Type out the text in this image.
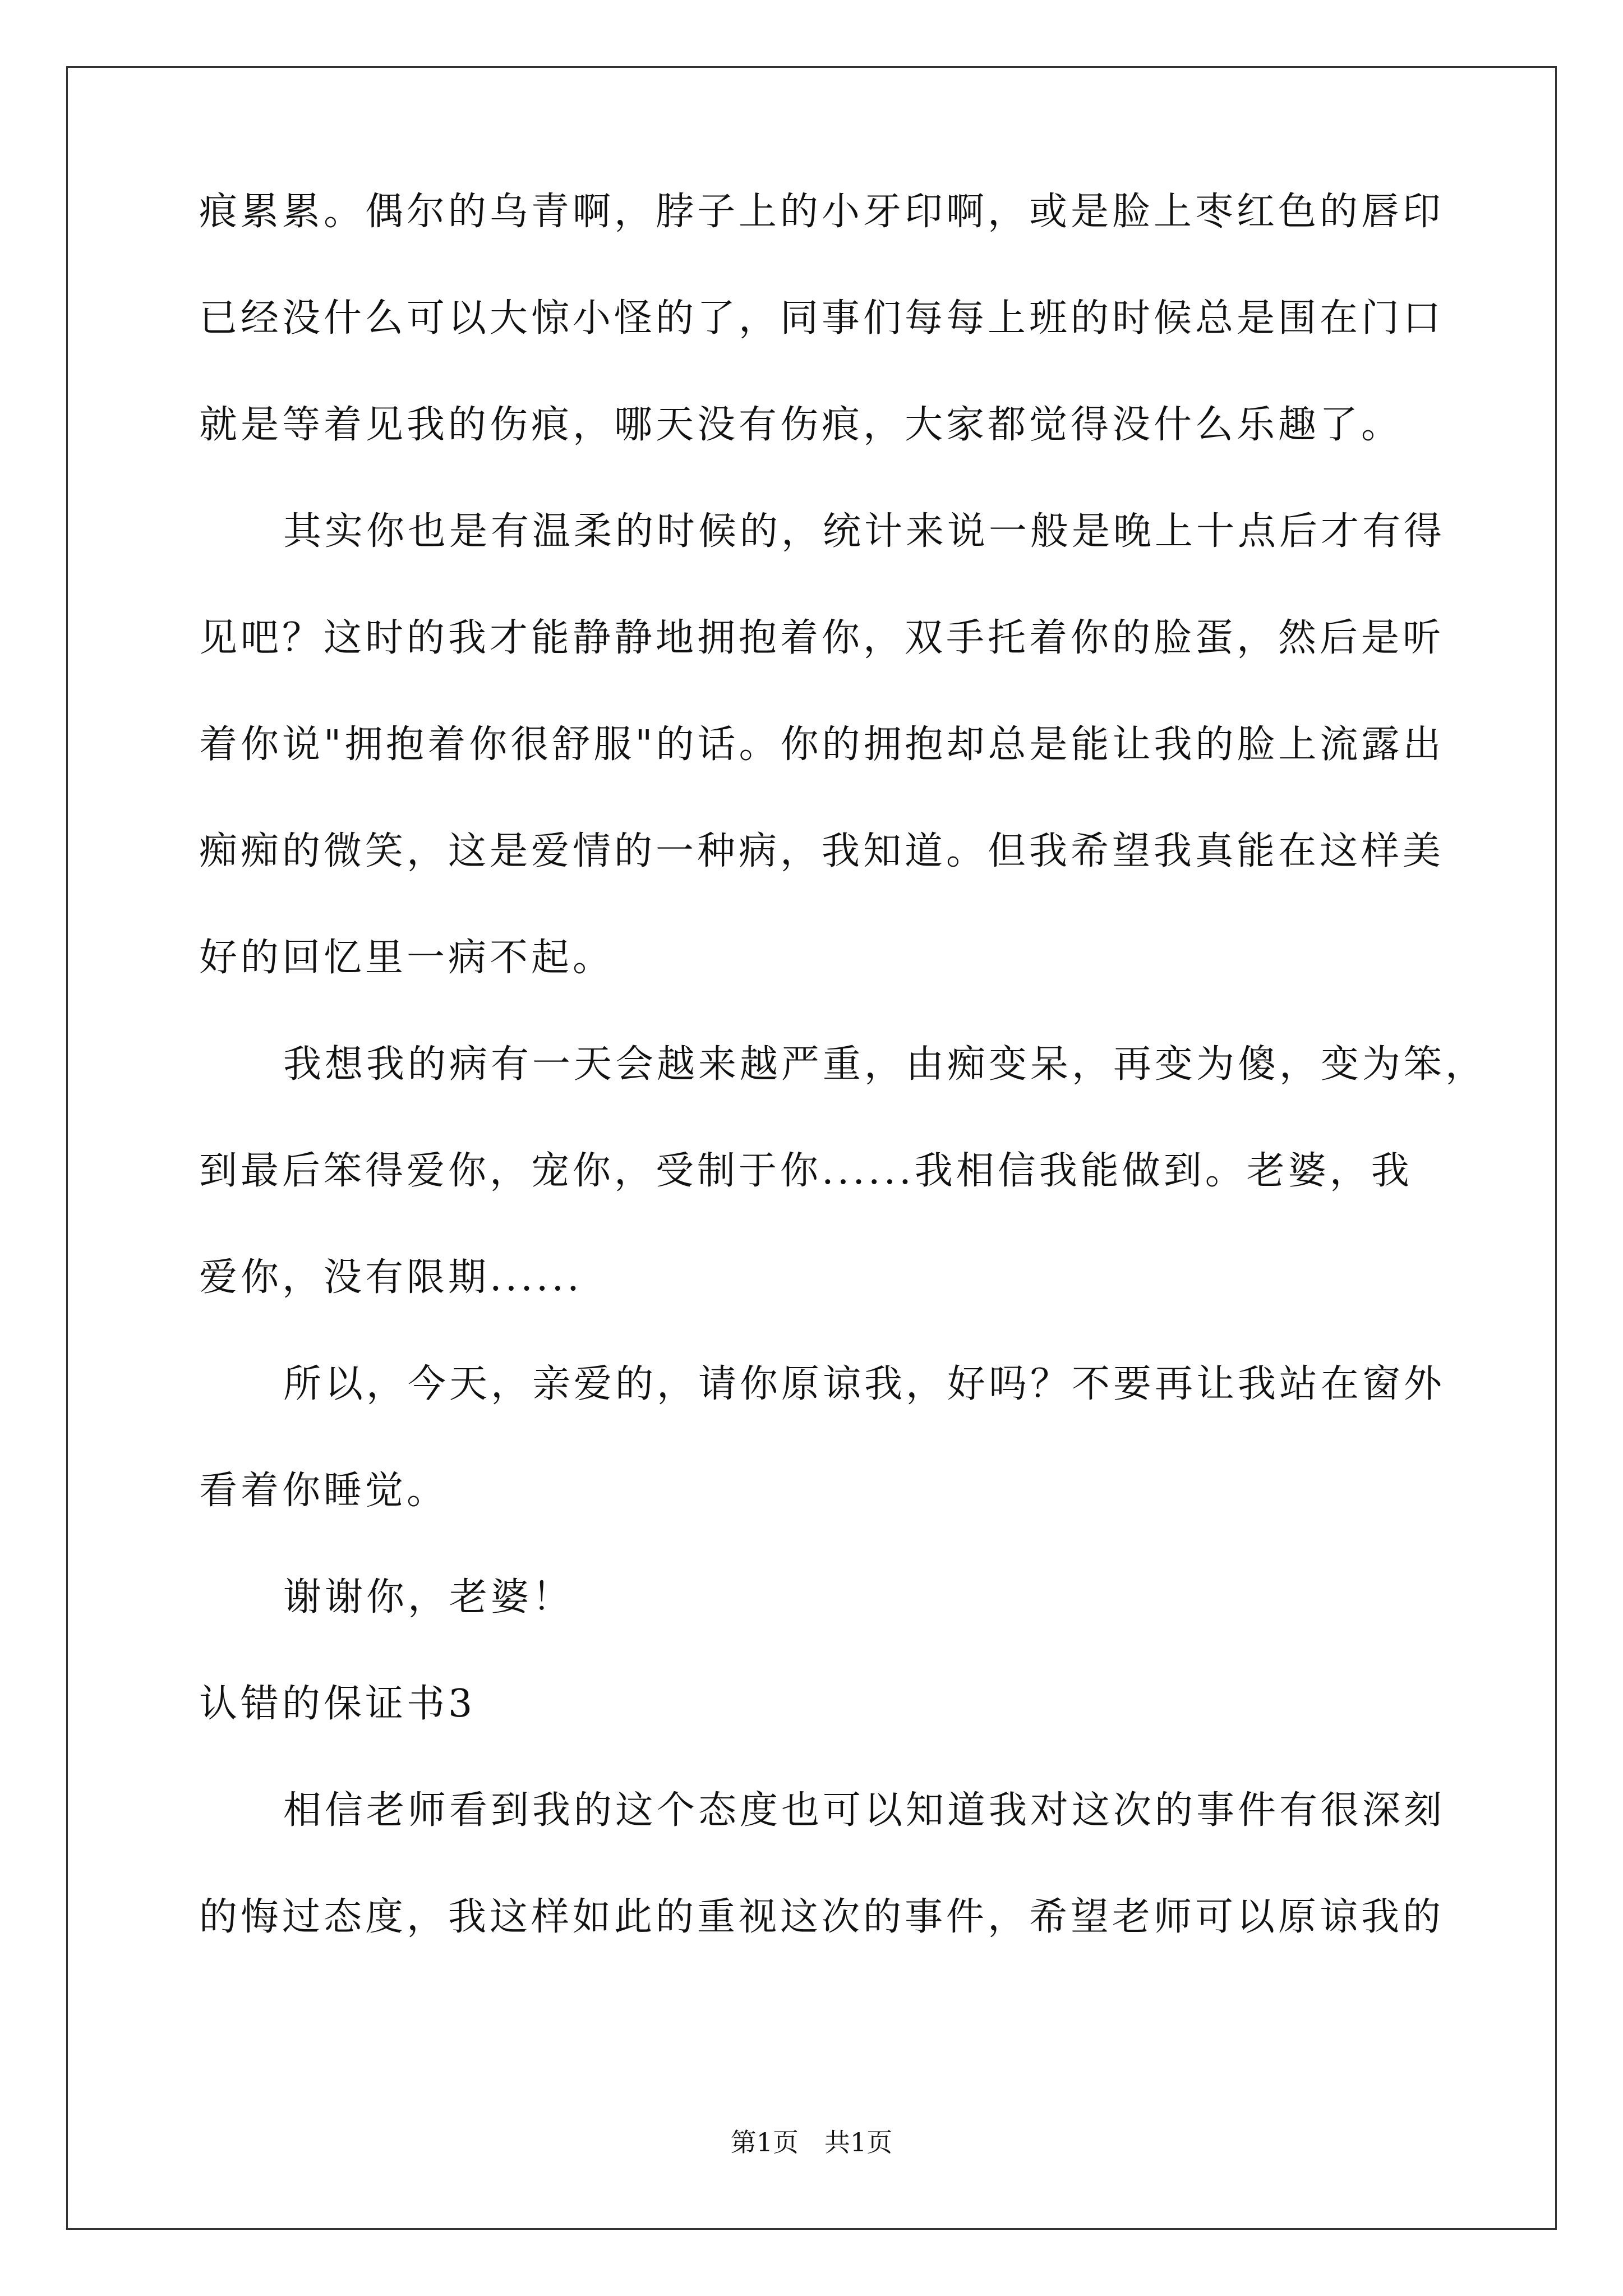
痕累累。偶尔的乌青啊，脖子上的小牙印啊，或是脸上枣红色的唇印
已经没什么可以大惊小怪的了，同事们每每上班的时候总是围在门口
就是等着见我的伤痕，哪天没有伤痕，大家都觉得没什么乐趣了。
其实你也是有温柔的时候的，统计来说一般是晚上十点后才有得
见吧？这时的我才能静静地拥抱着你，双手托着你的脸蛋，然后是听
着你说"拥抱着你很舒服"的话。你的拥抱却总是能让我的脸上流露出
痴痴的微笑，这是爱情的一种病，我知道。但我希望我真能在这样美
好的回忆里一病不起。
我想我的病有一天会越来越严重，由痴变呆，再变为傻，变为笨，
到最后笨得爱你，宠你，受制于你......我相信我能做到。老婆，我
爱你，没有限期......
所以，今天，亲爱的，请你原谅我，好吗？不要再让我站在窗外
看着你睡觉。
谢谢你，老婆！
认错的保证书3
相信老师看到我的这个态度也可以知道我对这次的事件有很深刻
的悔过态度，我这样如此的重视这次的事件，希望老师可以原谅我的
第1页　共1页
